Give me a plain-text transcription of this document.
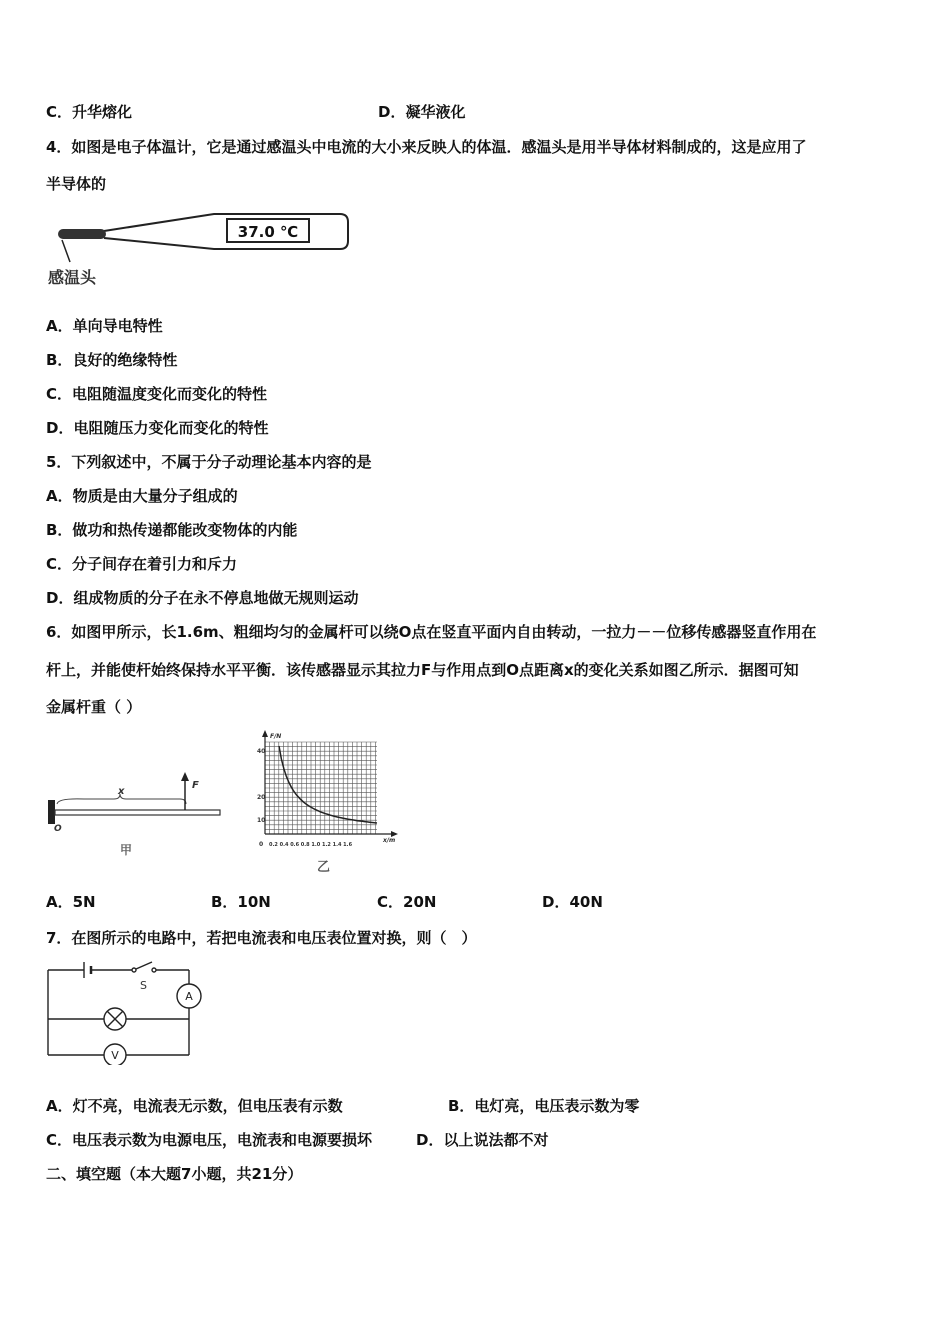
C．升华熔化	D．凝华液化
4．如图是电子体温计，它是通过感温头中电流的大小来反映人的体温．感温头是用半导体材料制成的，这是应用了
半导体的
37.0 ℃
感温头
A．单向导电特性
B．良好的绝缘特性
C．电阻随温度变化而变化的特性
D．电阻随压力变化而变化的特性
5．下列叙述中，不属于分子动理论基本内容的是
A．物质是由大量分子组成的
B．做功和热传递都能改变物体的内能
C．分子间存在着引力和斥力
D．组成物质的分子在永不停息地做无规则运动
6．如图甲所示，长1.6m、粗细均匀的金属杆可以绕O点在竖直平面内自由转动，一拉力－－位移传感器竖直作用在
杆上，并能使杆始终保持水平平衡．该传感器显示其拉力F与作用点到O点距离x的变化关系如图乙所示．据图可知
金属杆重（ ）
x
F
O
甲
F/N
x/m
40
20
10
0 0.2 0.4 0.6 0.8 1.0 1.2 1.4 1.6
乙
A．5N	B．10N	C．20N	D．40N
7．在图所示的电路中，若把电流表和电压表位置对换，则（　）
S
A
V
A．灯不亮，电流表无示数，但电压表有示数	B．电灯亮，电压表示数为零
C．电压表示数为电源电压，电流表和电源要损坏	D．以上说法都不对
二、填空题（本大题7小题，共21分）
